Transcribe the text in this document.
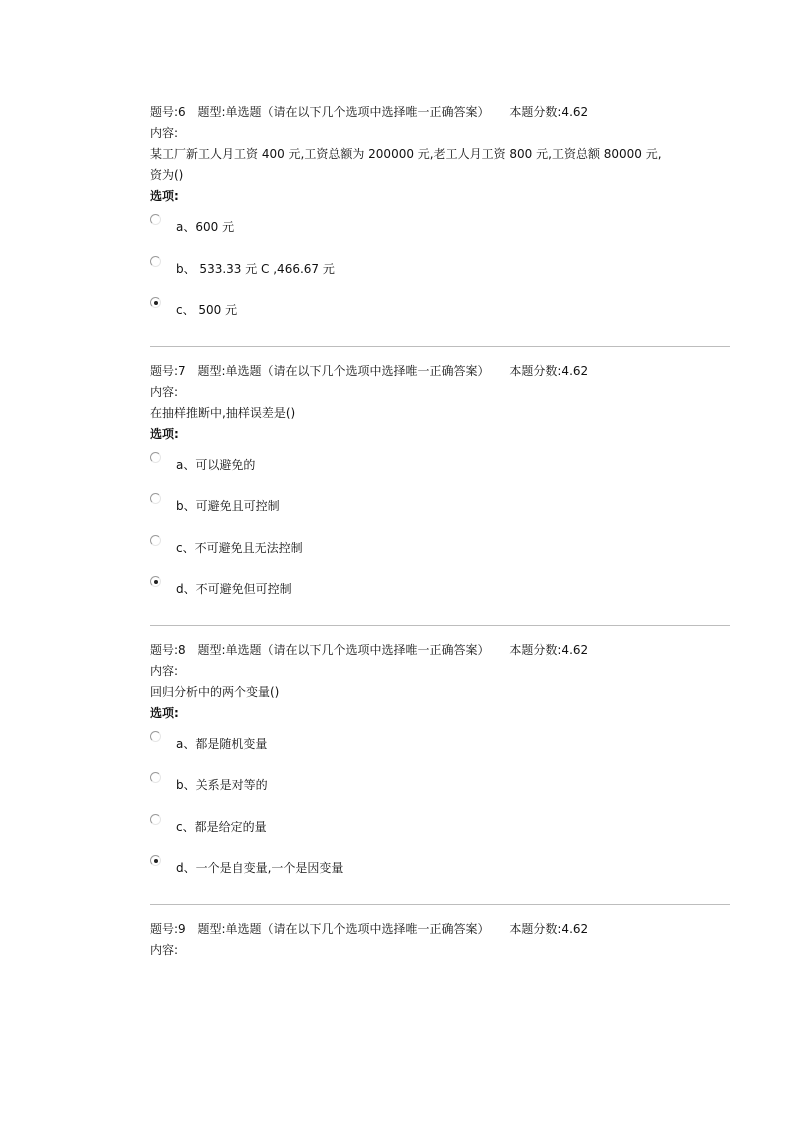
题号:6 题型:单选题（请在以下几个选项中选择唯一正确答案） 本题分数:4.62
内容:
某工厂新工人月工资 400 元,工资总额为 200000 元,老工人月工资 800 元,工资总额 80000 元,
资为()
选项:
a、600 元
b、 533.33 元 C ,466.67 元
c、 500 元
题号:7 题型:单选题（请在以下几个选项中选择唯一正确答案） 本题分数:4.62
内容:
在抽样推断中,抽样误差是()
选项:
a、可以避免的
b、可避免且可控制
c、不可避免且无法控制
d、不可避免但可控制
题号:8 题型:单选题（请在以下几个选项中选择唯一正确答案） 本题分数:4.62
内容:
回归分析中的两个变量()
选项:
a、都是随机变量
b、关系是对等的
c、都是给定的量
d、一个是自变量,一个是因变量
题号:9 题型:单选题（请在以下几个选项中选择唯一正确答案） 本题分数:4.62
内容:
